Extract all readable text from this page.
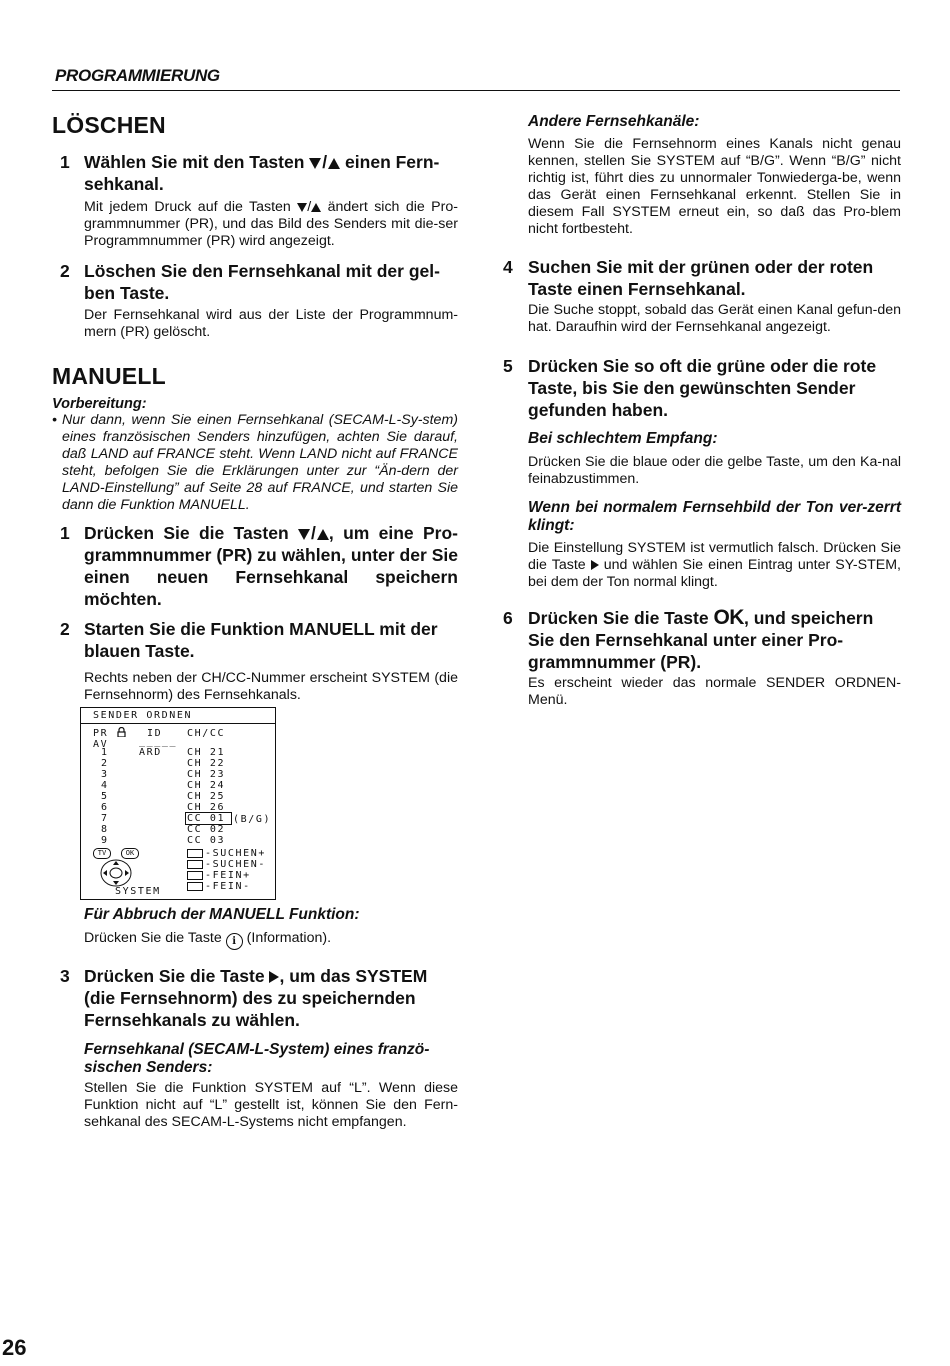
PROGRAMMIERUNG
LÖSCHEN
1 Wählen Sie mit den Tasten / einen Fern-sehkanal.

Mit jedem Druck auf die Tasten / ändert sich die Pro-grammnummer (PR), und das Bild des Senders mit die-ser Programmnummer (PR) wird angezeigt.

2 Löschen Sie den Fernsehkanal mit der gel-ben Taste.

Der Fernsehkanal wird aus der Liste der Programmnum-mern (PR) gelöscht.

MANUELL

Vorbereitung:

• Nur dann, wenn Sie einen Fernsehkanal (SECAM-L-Sy-stem) eines französischen Senders hinzufügen, achten Sie darauf, daß LAND auf FRANCE steht. Wenn LAND nicht auf FRANCE steht, befolgen Sie die Erklärungen unter zur “Än-dern der LAND-Einstellung” auf Seite 28 auf FRANCE, und starten Sie dann die Funktion MANUELL.
1 Drücken Sie die Tasten / , um eine Pro-grammnummer (PR) zu wählen, unter der Sie einen neuen Fernsehkanal speichern möchten.

2 Starten Sie die Funktion MANUELL mit der blauen Taste.

Rechts neben der CH/CC-Nummer erscheint SYSTEM (die Fernsehnorm) des Fernsehkanals.

SENDER ORDNEN
PR	ID CH/CC
AV	_____
(B/G)
TV	OK
SYSTEM
-SUCHEN+
-SUCHEN-
-FEIN+
-FEIN-
1	ARD	CH 21
2	CH 22
3	CH 23
4	CH 24
5	CH 25
6	CH 26
7	CC 01
8	CC 02
9	CC 03

Für Abbruch der MANUELL Funktion:

Drücken Sie die Taste i (Information).

3 Drücken Sie die Taste , um das SYSTEM (die Fernsehnorm) des zu speichernden Fernsehkanals zu wählen.

Fernsehkanal (SECAM-L-System) eines franzö-sischen Senders:

Stellen Sie die Funktion SYSTEM auf “L”. Wenn diese Funktion nicht auf “L” gestellt ist, können Sie den Fern-sehkanal des SECAM-L-Systems nicht empfangen.

Andere Fernsehkanäle:

Wenn Sie die Fernsehnorm eines Kanals nicht genau kennen, stellen Sie SYSTEM auf “B/G”. Wenn “B/G” nicht richtig ist, führt dies zu unnormaler Tonwiederga-be, wenn das Gerät einen Fernsehkanal erkennt. Stellen Sie in diesem Fall SYSTEM erneut ein, so daß das Pro-blem nicht fortbesteht.

4 Suchen Sie mit der grünen oder der roten Taste einen Fernsehkanal.

Die Suche stoppt, sobald das Gerät einen Kanal gefun-den hat. Daraufhin wird der Fernsehkanal angezeigt.

5 Drücken Sie so oft die grüne oder die rote Taste, bis Sie den gewünschten Sender gefunden haben.

Bei schlechtem Empfang:

Drücken Sie die blaue oder die gelbe Taste, um den Ka-nal feinabzustimmen.

Wenn bei normalem Fernsehbild der Ton ver-zerrt klingt:

Die Einstellung SYSTEM ist vermutlich falsch. Drücken Sie die Taste und wählen Sie einen Eintrag unter SY-STEM, bei dem der Ton normal klingt.

6 Drücken Sie die Taste OK, und speichern Sie den Fernsehkanal unter einer Pro-grammnummer (PR).

Es erscheint wieder das normale SENDER ORDNEN-Menü.

26
